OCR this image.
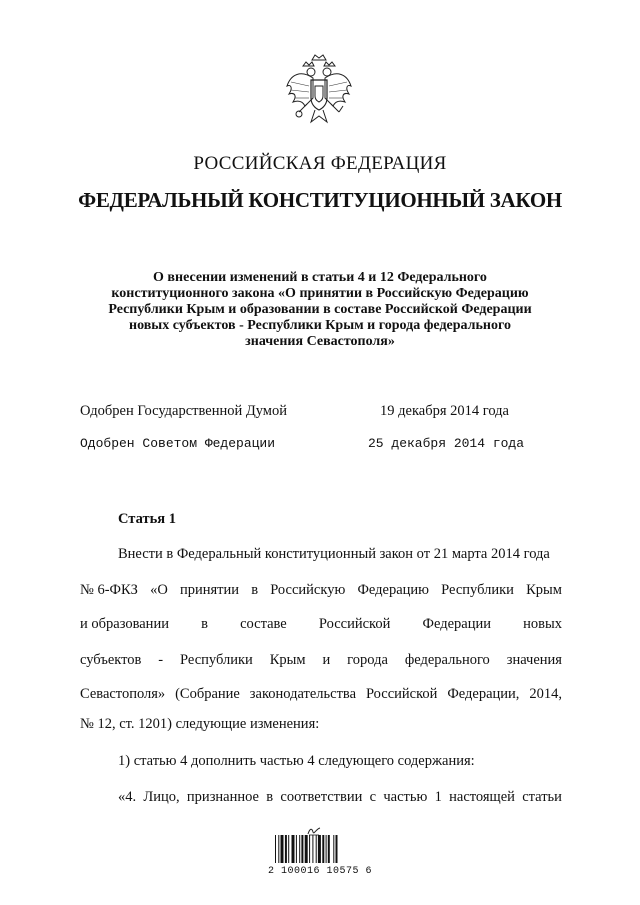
РОССИЙСКАЯ ФЕДЕРАЦИЯ
ФЕДЕРАЛЬНЫЙ КОНСТИТУЦИОННЫЙ ЗАКОН
О внесении изменений в статьи 4 и 12 Федерального
конституционного закона «О принятии в Российскую Федерацию
Республики Крым и образовании в составе Российской Федерации
новых субъектов - Республики Крым и города федерального
значения Севастополя»
Одобрен Государственной Думой	19 декабря 2014 года
Одобрен Советом Федерации	25 декабря 2014 года
Статья 1
Внести в Федеральный конституционный закон от 21 марта 2014 года
№ 6-ФКЗ «О принятии в Российскую Федерацию Республики Крым
и образовании в составе Российской Федерации новых
субъектов - Республики Крым и города федерального значения
Севастополя» (Собрание законодательства Российской Федерации, 2014,
№ 12, ст. 1201) следующие изменения:
1) статью 4 дополнить частью 4 следующего содержания:
«4. Лицо, признанное в соответствии с частью 1 настоящей статьи
2 100016 10575 6
